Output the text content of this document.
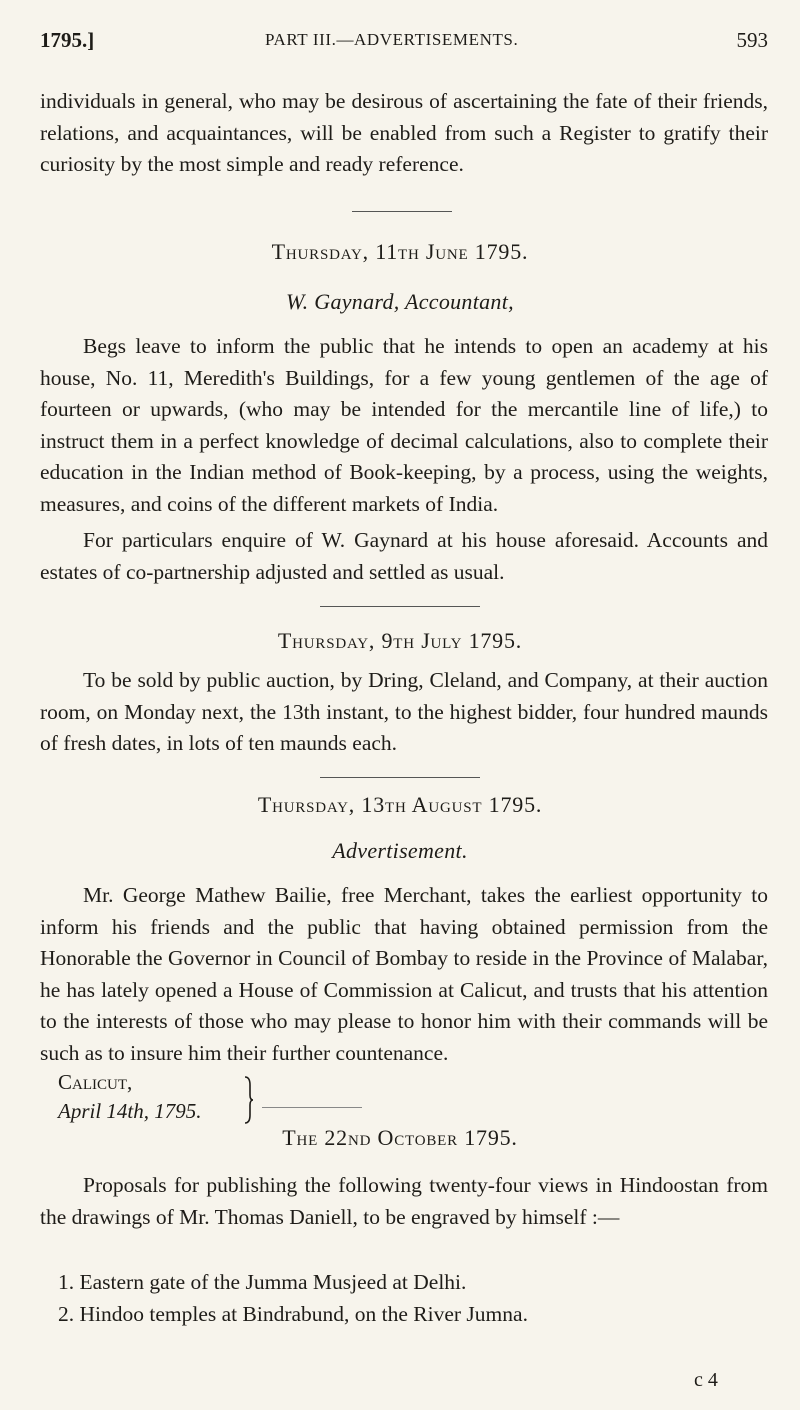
1795.]	PART III.—ADVERTISEMENTS.	593

individuals in general, who may be desirous of ascertaining the fate of their friends, relations, and acquaintances, will be enabled from such a Register to gratify their curiosity by the most simple and ready reference.

Thursday, 11th June 1795.
W. Gaynard, Accountant,

Begs leave to inform the public that he intends to open an academy at his house, No. 11, Meredith's Buildings, for a few young gentlemen of the age of fourteen or upwards, (who may be intended for the mercantile line of life,) to instruct them in a perfect knowledge of decimal calculations, also to complete their education in the Indian method of Book-keeping, by a process, using the weights, measures, and coins of the different markets of India.

For particulars enquire of W. Gaynard at his house aforesaid. Accounts and estates of co-partnership adjusted and settled as usual.

Thursday, 9th July 1795.

To be sold by public auction, by Dring, Cleland, and Company, at their auction room, on Monday next, the 13th instant, to the highest bidder, four hundred maunds of fresh dates, in lots of ten maunds each.

Thursday, 13th August 1795.
Advertisement.

Mr. George Mathew Bailie, free Merchant, takes the earliest opportunity to inform his friends and the public that having obtained permission from the Honorable the Governor in Council of Bombay to reside in the Province of Malabar, he has lately opened a House of Commission at Calicut, and trusts that his attention to the interests of those who may please to honor him with their commands will be such as to insure him their further countenance.

Calicut,
April 14th, 1795.
The 22nd October 1795.

Proposals for publishing the following twenty-four views in Hindoostan from the drawings of Mr. Thomas Daniell, to be engraved by himself :—

1. Eastern gate of the Jumma Musjeed at Delhi.
2. Hindoo temples at Bindrabund, on the River Jumna.
c 4
